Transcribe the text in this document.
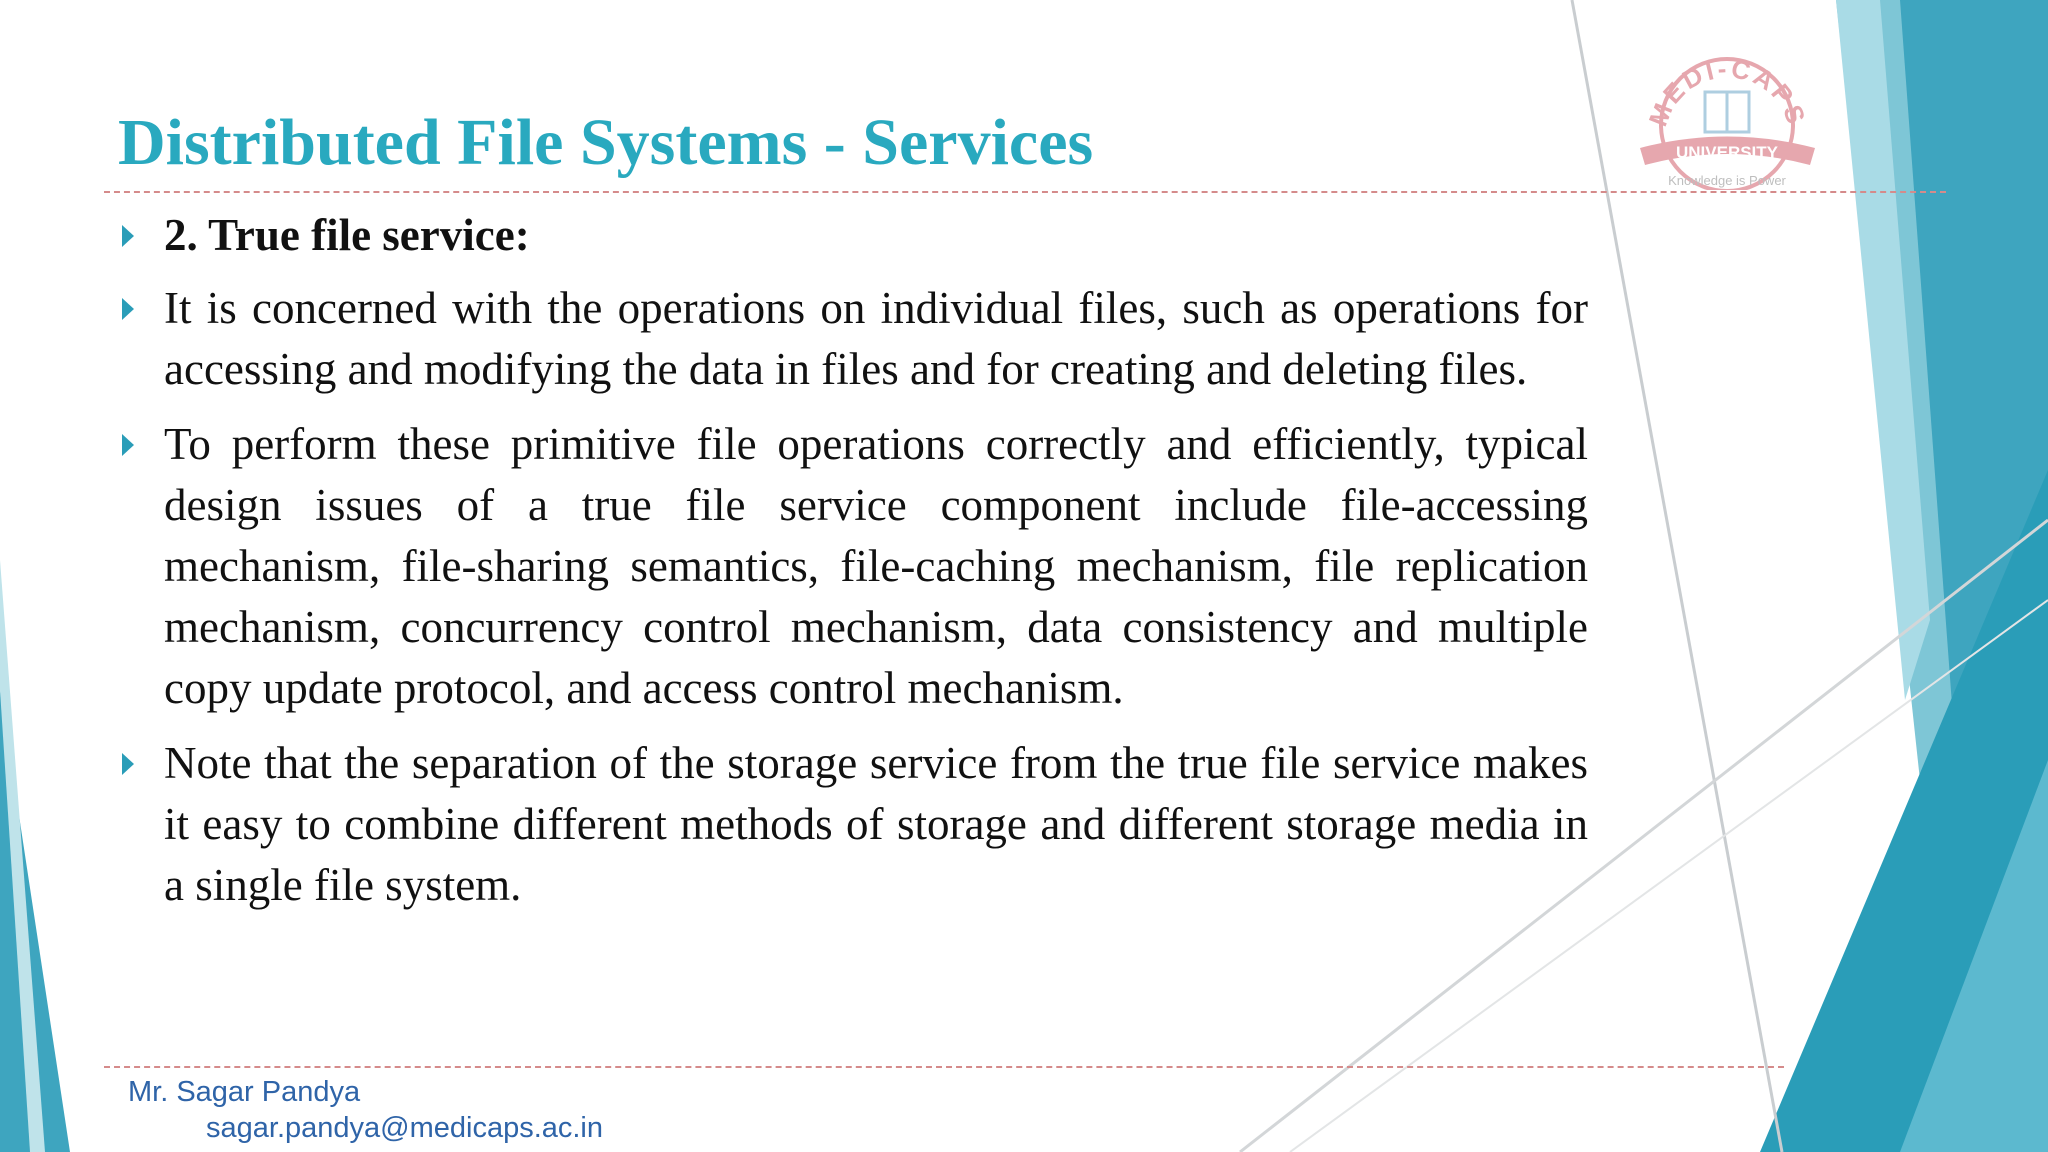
MEDI-CAPS
UNIVERSITY
Knowledge is Power
Distributed File Systems - Services
2. True file service:
It is concerned with the operations on individual files, such as operations for accessing and modifying the data in files and for creating and deleting files.
To perform these primitive file operations correctly and efficiently, typical design issues of a true file service component include file-accessing mechanism, file-sharing semantics, file-caching mechanism, file replication mechanism, concurrency control mechanism, data consistency and multiple copy update protocol, and access control mechanism.
Note that the separation of the storage service from the true file service makes it easy to combine different methods of storage and different storage media in a single file system.
Mr. Sagar Pandya
sagar.pandya@medicaps.ac.in
